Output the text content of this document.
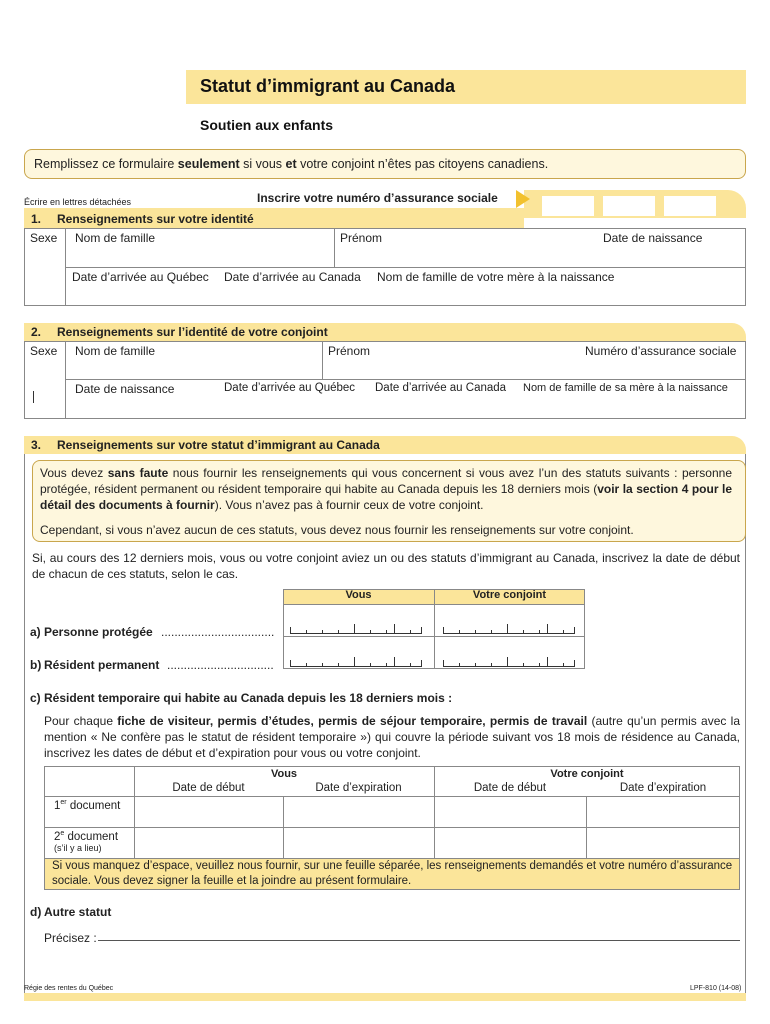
Statut d’immigrant au Canada
Soutien aux enfants
Remplissez ce formulaire seulement si vous et votre conjoint n’êtes pas citoyens canadiens.
Écrire en lettres détachées	Inscrire votre numéro d’assurance sociale
1. Renseignements sur votre identité
Sexe Nom de famille	Prénom	Date de naissance
Date d’arrivée au Québec Date d’arrivée au Canada Nom de famille de votre mère à la naissance
2. Renseignements sur l’identité de votre conjoint
Sexe Nom de famille	Prénom	Numéro d’assurance sociale
Date de naissance	Date d’arrivée au Québec Date d’arrivée au Canada Nom de famille de sa mère à la naissance
3. Renseignements sur votre statut d’immigrant au Canada
Vous devez sans faute nous fournir les renseignements qui vous concernent si vous avez l’un des statuts suivants : personne protégée, résident permanent ou résident temporaire qui habite au Canada depuis les 18 derniers mois (voir la section 4 pour le détail des documents à fournir). Vous n’avez pas à fournir ceux de votre conjoint.
Cependant, si vous n’avez aucun de ces statuts, vous devez nous fournir les renseignements sur votre conjoint.
Si, au cours des 12 derniers mois, vous ou votre conjoint aviez un ou des statuts d’immigrant au Canada, inscrivez la date de début de chacun de ces statuts, selon le cas.
Vous	Votre conjoint
a) Personne protégée ..................................
b) Résident permanent ................................
c) Résident temporaire qui habite au Canada depuis les 18 derniers mois :
Pour chaque fiche de visiteur, permis d’études, permis de séjour temporaire, permis de travail (autre qu’un permis avec la mention « Ne confère pas le statut de résident temporaire ») qui couvre la période suivant vos 18 mois de résidence au Canada, inscrivez les dates de début et d’expiration pour vous ou votre conjoint.
Vous	Votre conjoint
Date de début	Date d’expiration	Date de début	Date d’expiration
1er document
2e document
(s’il y a lieu)
Si vous manquez d’espace, veuillez nous fournir, sur une feuille séparée, les renseignements demandés et votre numéro d’assurance sociale. Vous devez signer la feuille et la joindre au présent formulaire.
d) Autre statut
Précisez :
Régie des rentes du Québec	LPF-810 (14-08)
